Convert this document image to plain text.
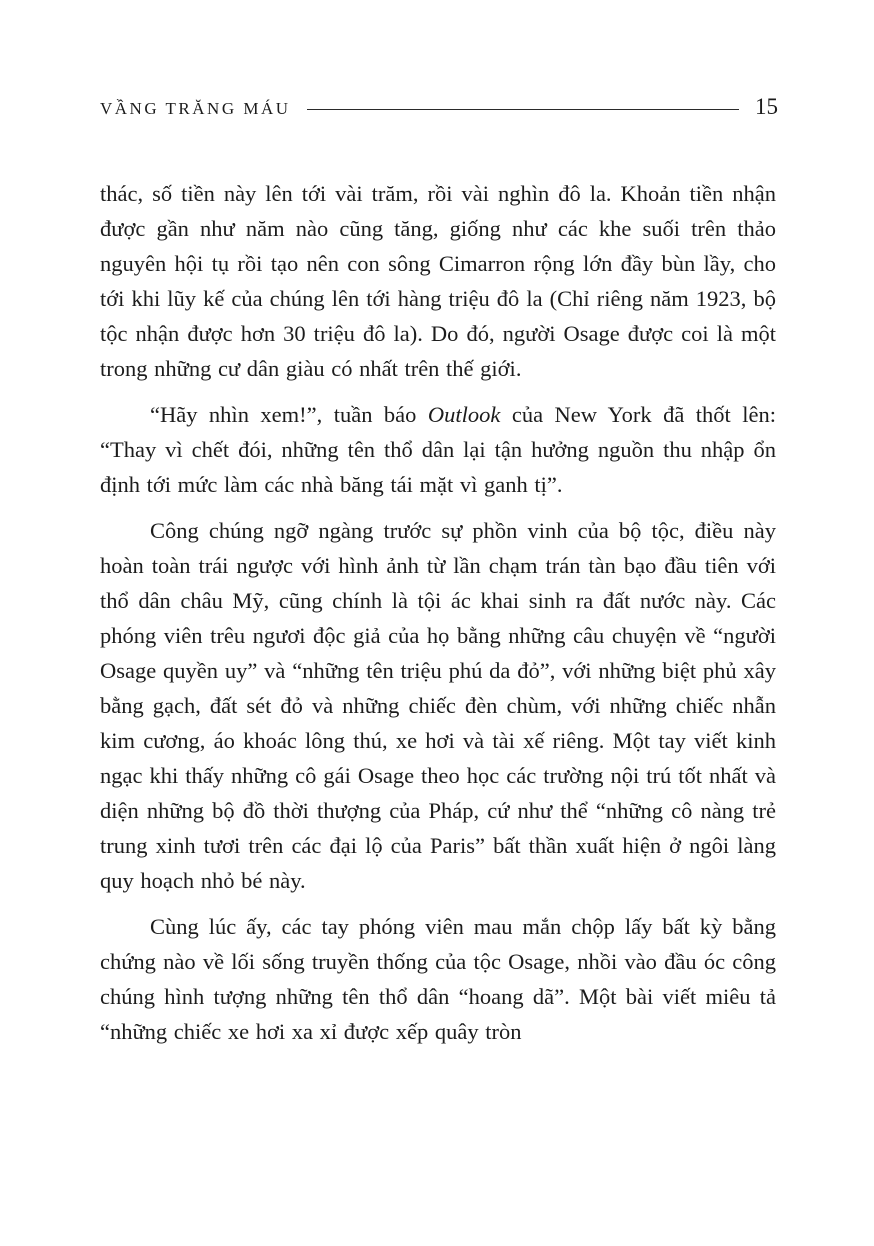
VẦNG TRĂNG MÁU	15

thác, số tiền này lên tới vài trăm, rồi vài nghìn đô la. Khoản tiền nhận được gần như năm nào cũng tăng, giống như các khe suối trên thảo nguyên hội tụ rồi tạo nên con sông Cimarron rộng lớn đầy bùn lầy, cho tới khi lũy kế của chúng lên tới hàng triệu đô la (Chỉ riêng năm 1923, bộ tộc nhận được hơn 30 triệu đô la). Do đó, người Osage được coi là một trong những cư dân giàu có nhất trên thế giới.

“Hãy nhìn xem!”, tuần báo Outlook của New York đã thốt lên: “Thay vì chết đói, những tên thổ dân lại tận hưởng nguồn thu nhập ổn định tới mức làm các nhà băng tái mặt vì ganh tị”.

Công chúng ngỡ ngàng trước sự phồn vinh của bộ tộc, điều này hoàn toàn trái ngược với hình ảnh từ lần chạm trán tàn bạo đầu tiên với thổ dân châu Mỹ, cũng chính là tội ác khai sinh ra đất nước này. Các phóng viên trêu ngươi độc giả của họ bằng những câu chuyện về “người Osage quyền uy” và “những tên triệu phú da đỏ”, với những biệt phủ xây bằng gạch, đất sét đỏ và những chiếc đèn chùm, với những chiếc nhẫn kim cương, áo khoác lông thú, xe hơi và tài xế riêng. Một tay viết kinh ngạc khi thấy những cô gái Osage theo học các trường nội trú tốt nhất và diện những bộ đồ thời thượng của Pháp, cứ như thể “những cô nàng trẻ trung xinh tươi trên các đại lộ của Paris” bất thần xuất hiện ở ngôi làng quy hoạch nhỏ bé này.

Cùng lúc ấy, các tay phóng viên mau mắn chộp lấy bất kỳ bằng chứng nào về lối sống truyền thống của tộc Osage, nhồi vào đầu óc công chúng hình tượng những tên thổ dân “hoang dã”. Một bài viết miêu tả “những chiếc xe hơi xa xỉ được xếp quây tròn
